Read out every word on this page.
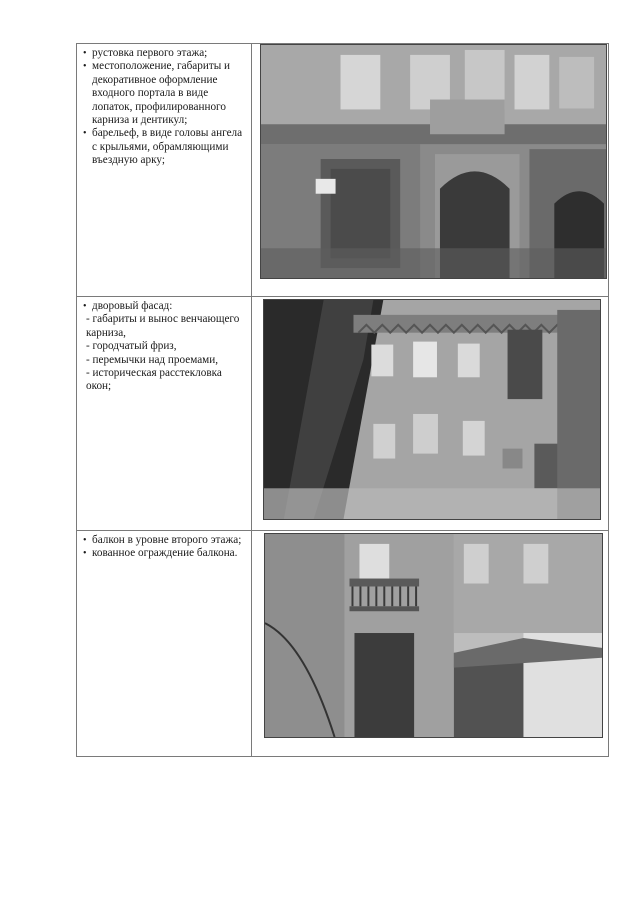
• рустовка первого этажа;
• местоположение, габариты и декоративное оформление входного портала в виде лопаток, профилированного карниза и дентикул;
• барельеф, в виде головы ангела с крыльями, обрамляющими въездную арку;
• дворовый фасад:
- габариты и вынос венчающего карниза,
- городчатый фриз,
- перемычки над проемами,
- историческая расстекловка окон;
• балкон в уровне второго этажа;
• кованное ограждение балкона.
